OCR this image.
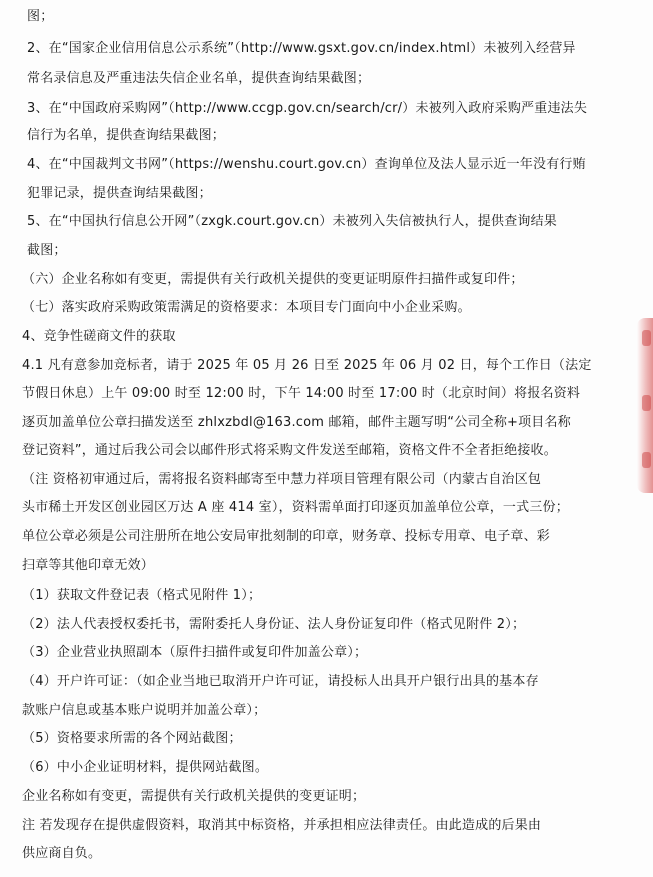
图；
2、在“国家企业信用信息公示系统”（http://www.gsxt.gov.cn/index.html）未被列入经营异
常名录信息及严重违法失信企业名单，提供查询结果截图；
3、在“中国政府采购网”（http://www.ccgp.gov.cn/search/cr/）未被列入政府采购严重违法失
信行为名单，提供查询结果截图；
4、在“中国裁判文书网”（https://wenshu.court.gov.cn）查询单位及法人显示近一年没有行贿
犯罪记录，提供查询结果截图；
5、在“中国执行信息公开网”（zxgk.court.gov.cn）未被列入失信被执行人，提供查询结果
截图；
（六）企业名称如有变更，需提供有关行政机关提供的变更证明原件扫描件或复印件；
（七）落实政府采购政策需满足的资格要求：本项目专门面向中小企业采购。
4、竞争性磋商文件的获取
4.1 凡有意参加竞标者，请于 2025 年 05 月 26 日至 2025 年 06 月 02 日，每个工作日（法定
节假日休息）上午 09:00 时至 12:00 时，下午 14:00 时至 17:00 时（北京时间）将报名资料
逐页加盖单位公章扫描发送至 zhlxzbdl@163.com 邮箱，邮件主题写明“公司全称+项目名称
登记资料”，通过后我公司会以邮件形式将采购文件发送至邮箱，资格文件不全者拒绝接收。
（注 资格初审通过后，需将报名资料邮寄至中慧力祥项目管理有限公司（内蒙古自治区包
头市稀土开发区创业园区万达 A 座 414 室），资料需单面打印逐页加盖单位公章，一式三份；
单位公章必须是公司注册所在地公安局审批刻制的印章，财务章、投标专用章、电子章、彩
扫章等其他印章无效）
（1）获取文件登记表（格式见附件 1）；
（2）法人代表授权委托书，需附委托人身份证、法人身份证复印件（格式见附件 2）；
（3）企业营业执照副本（原件扫描件或复印件加盖公章）；
（4）开户许可证：（如企业当地已取消开户许可证，请投标人出具开户银行出具的基本存
款账户信息或基本账户说明并加盖公章）；
（5）资格要求所需的各个网站截图；
（6）中小企业证明材料，提供网站截图。
企业名称如有变更，需提供有关行政机关提供的变更证明；
注 若发现存在提供虚假资料，取消其中标资格，并承担相应法律责任。由此造成的后果由
供应商自负。
